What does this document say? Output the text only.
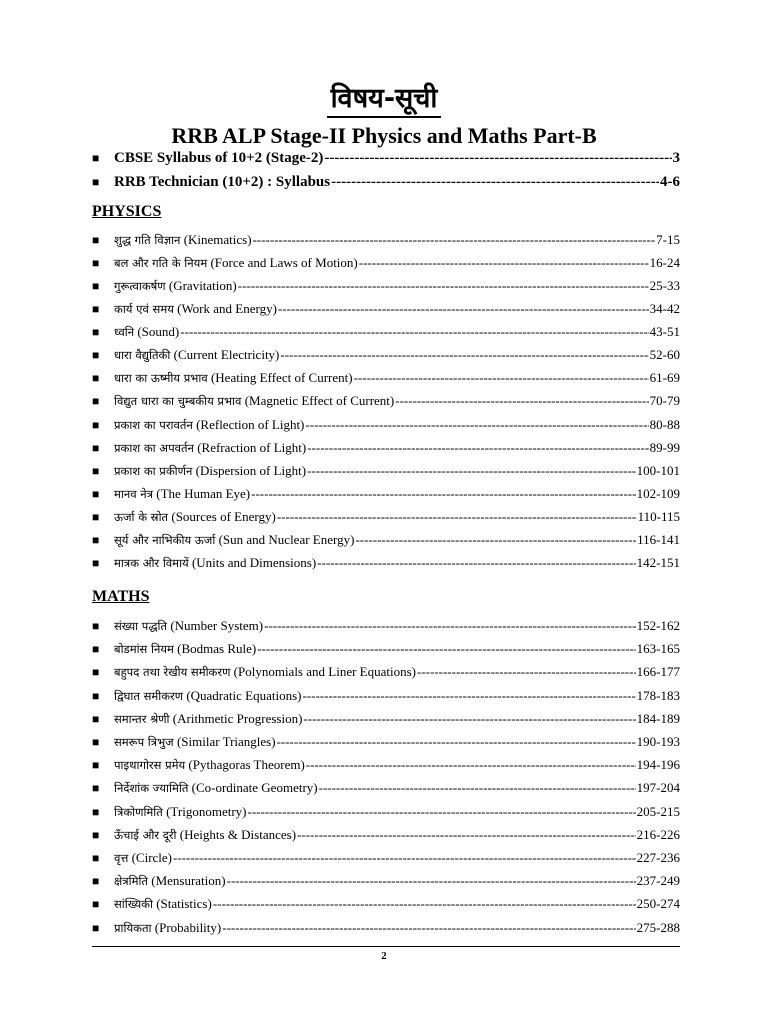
विषय-सूची
RRB ALP Stage-II Physics and Maths Part-B
■ CBSE Syllabus of 10+2 (Stage-2) -----	3
■ RRB Technician (10+2) : Syllabus -----	4-6
PHYSICS
■	शुद्ध गति विज्ञान (Kinematics) -----	7-15
■	बल और गति के नियम (Force and Laws of Motion) -----	16-24
■	गुरूत्वाकर्षण (Gravitation) -----	25-33
■	कार्य एवं समय (Work and Energy) -----	34-42
■	ध्वनि (Sound) -----	43-51
■	धारा वैद्युतिकी (Current Electricity) -----	52-60
■	धारा का ऊष्मीय प्रभाव (Heating Effect of Current) -----	61-69
■	विद्युत धारा का चुम्बकीय प्रभाव (Magnetic Effect of Current) -----	70-79
■	प्रकाश का परावर्तन (Reflection of Light) -----	80-88
■	प्रकाश का अपवर्तन (Refraction of Light) -----	89-99
■	प्रकाश का प्रकीर्णन (Dispersion of Light) -----	100-101
■	मानव नेत्र (The Human Eye) -----	102-109
■	ऊर्जा के स्रोत (Sources of Energy) -----	110-115
■	सूर्य और नाभिकीय ऊर्जा (Sun and Nuclear Energy) -----	116-141
■	मात्रक और विमायें (Units and Dimensions) -----	142-151
MATHS
■	संख्या पद्धति (Number System) -----	152-162
■	बोडमांस नियम (Bodmas Rule) -----	163-165
■	बहुपद तथा रेखीय समीकरण (Polynomials and Liner Equations) -----	166-177
■	द्विघात समीकरण (Quadratic Equations) -----	178-183
■	समान्तर श्रेणी (Arithmetic Progression) -----	184-189
■	समरूप त्रिभुज (Similar Triangles) -----	190-193
■	पाइथागोरस प्रमेय (Pythagoras Theorem) -----	194-196
■	निर्देशांक ज्यामिति (Co-ordinate Geometry) -----	197-204
■	त्रिकोणमिति (Trigonometry) -----	205-215
■	ऊँचाई और दूरी (Heights & Distances) -----	216-226
■	वृत्त (Circle) -----	227-236
■	क्षेत्रमिति (Mensuration) -----	237-249
■	सांख्यिकी (Statistics) -----	250-274
■	प्रायिकता (Probability) -----	275-288
2
